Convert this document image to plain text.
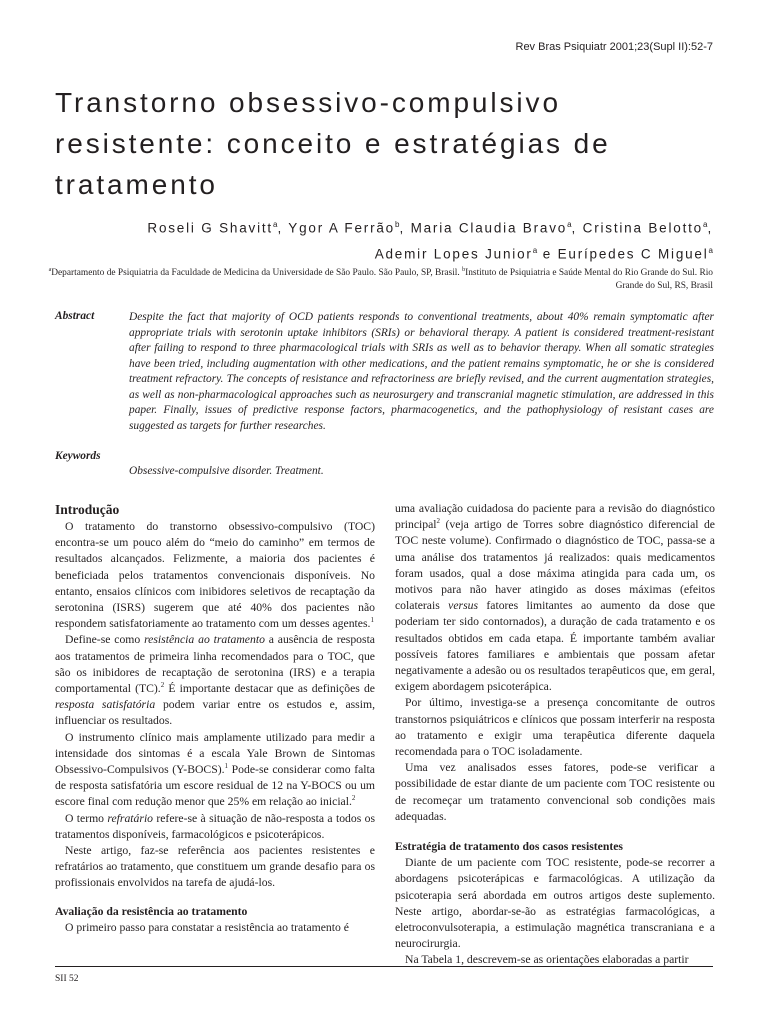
Rev Bras Psiquiatr 2001;23(Supl II):52-7
Transtorno obsessivo-compulsivo resistente: conceito e estratégias de tratamento
Roseli G Shavitt$^a$, Ygor A Ferrão$^b$, Maria Claudia Bravo$^a$, Cristina Belotto$^a$,
Ademir Lopes Junior$^a$ e Eurípedes C Miguel$^a$
$^a$Departamento de Psiquiatria da Faculdade de Medicina da Universidade de São Paulo. São Paulo, SP, Brasil. $^b$Instituto de Psiquiatria e Saúde Mental do Rio Grande do Sul. Rio Grande do Sul, RS, Brasil
Abstract	Despite the fact that majority of OCD patients responds to conventional treatments, about 40% remain symptomatic after appropriate trials with serotonin uptake inhibitors (SRIs) or behavioral therapy. A patient is considered treatment-resistant after failing to respond to three pharmacological trials with SRIs as well as to behavior therapy. When all somatic strategies have been tried, including augmentation with other medications, and the patient remains symptomatic, he or she is considered treatment refractory. The concepts of resistance and refractoriness are briefly revised, and the current augmentation strategies, as well as non-pharmacological approaches such as neurosurgery and transcranial magnetic stimulation, are addressed in this paper. Finally, issues of predictive response factors, pharmacogenetics, and the pathophysiology of resistant cases are suggested as targets for further researches.

Keywords

Obsessive-compulsive disorder. Treatment.

Introdução

O tratamento do transtorno obsessivo-compulsivo (TOC) encontra-se um pouco além do “meio do caminho” em termos de resultados alcançados. Felizmente, a maioria dos pacientes é beneficiada pelos tratamentos convencionais disponíveis. No entanto, ensaios clínicos com inibidores seletivos de recaptação da serotonina (ISRS) sugerem que até 40% dos pacientes não respondem satisfatoriamente ao tratamento com um desses agentes.$^1$

Define-se como resistência ao tratamento a ausência de resposta aos tratamentos de primeira linha recomendados para o TOC, que são os inibidores de recaptação de serotonina (IRS) e a terapia comportamental (TC).$^2$ É importante destacar que as definições de resposta satisfatória podem variar entre os estudos e, assim, influenciar os resultados.

O instrumento clínico mais amplamente utilizado para medir a intensidade dos sintomas é a escala Yale Brown de Sintomas Obsessivo-Compulsivos (Y-BOCS).$^1$ Pode-se considerar como falta de resposta satisfatória um escore residual de 12 na Y-BOCS ou um escore final com redução menor que 25% em relação ao inicial.$^2$

O termo refratário refere-se à situação de não-resposta a todos os tratamentos disponíveis, farmacológicos e psicoterápicos.

Neste artigo, faz-se referência aos pacientes resistentes e refratários ao tratamento, que constituem um grande desafio para os profissionais envolvidos na tarefa de ajudá-los.

Avaliação da resistência ao tratamento

O primeiro passo para constatar a resistência ao tratamento é

uma avaliação cuidadosa do paciente para a revisão do diagnóstico principal$^2$ (veja artigo de Torres sobre diagnóstico diferencial de TOC neste volume). Confirmado o diagnóstico de TOC, passa-se a uma análise dos tratamentos já realizados: quais medicamentos foram usados, qual a dose máxima atingida para cada um, os motivos para não haver atingido as doses máximas (efeitos colaterais versus fatores limitantes ao aumento da dose que poderiam ter sido contornados), a duração de cada tratamento e os resultados obtidos em cada etapa. É importante também avaliar possíveis fatores familiares e ambientais que possam afetar negativamente a adesão ou os resultados terapêuticos que, em geral, exigem abordagem psicoterápica.

Por último, investiga-se a presença concomitante de outros transtornos psiquiátricos e clínicos que possam interferir na resposta ao tratamento e exigir uma terapêutica diferente daquela recomendada para o TOC isoladamente.

Uma vez analisados esses fatores, pode-se verificar a possibilidade de estar diante de um paciente com TOC resistente ou de recomeçar um tratamento convencional sob condições mais adequadas.

Estratégia de tratamento dos casos resistentes

Diante de um paciente com TOC resistente, pode-se recorrer a abordagens psicoterápicas e farmacológicas. A utilização da psicoterapia será abordada em outros artigos deste suplemento. Neste artigo, abordar-se-ão as estratégias farmacológicas, a eletroconvulsoterapia, a estimulação magnética transcraniana e a neurocirurgia.

Na Tabela 1, descrevem-se as orientações elaboradas a partir

SII 52
